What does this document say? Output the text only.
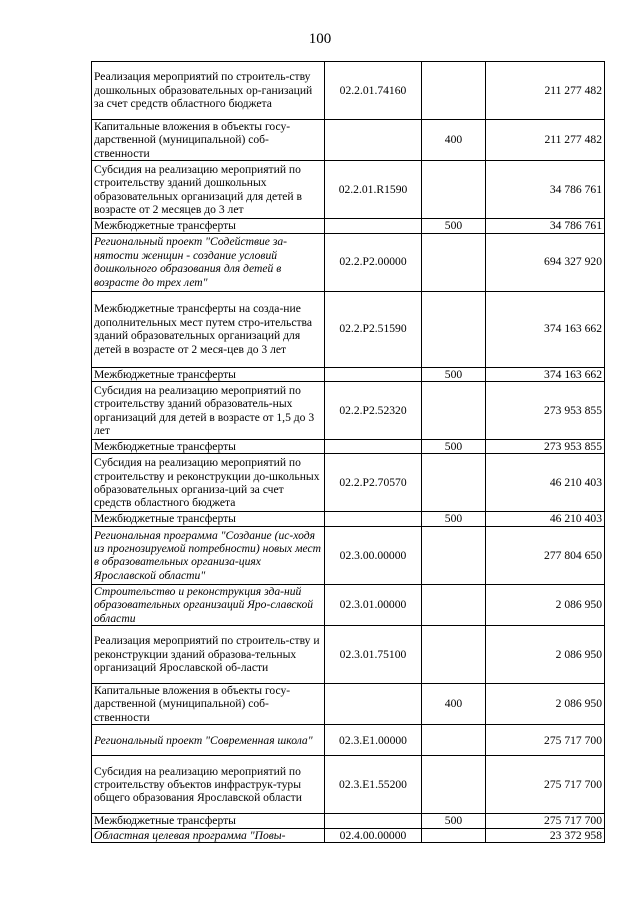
100
Реализация мероприятий по строитель-ству дошкольных образовательных ор-ганизаций за счет средств областного бюджета	02.2.01.74160		211 277 482
Капитальные вложения в объекты госу-дарственной (муниципальной) соб-ственности		400	211 277 482
Субсидия на реализацию мероприятий по строительству зданий дошкольных образовательных организаций для детей в возрасте от 2 месяцев до 3 лет	02.2.01.R1590		34 786 761
Межбюджетные трансферты		500	34 786 761
Региональный проект "Содействие за-нятости женщин - создание условий дошкольного образования для детей в возрасте до трех лет"	02.2.P2.00000		694 327 920
Межбюджетные трансферты на созда-ние дополнительных мест путем стро-ительства зданий образовательных организаций для детей в возрасте от 2 меся-цев до 3 лет	02.2.P2.51590		374 163 662
Межбюджетные трансферты		500	374 163 662
Субсидия на реализацию мероприятий по строительству зданий образователь-ных организаций для детей в возрасте от 1,5 до 3 лет	02.2.P2.52320		273 953 855
Межбюджетные трансферты		500	273 953 855
Субсидия на реализацию мероприятий по строительству и реконструкции до-школьных образовательных организа-ций за счет средств областного бюджета	02.2.P2.70570		46 210 403
Межбюджетные трансферты		500	46 210 403
Региональная программа "Создание (ис-ходя из прогнозируемой потребности) новых мест в образовательных организа-циях Ярославской области"	02.3.00.00000		277 804 650
Строительство и реконструкция зда-ний образовательных организаций Яро-славской области	02.3.01.00000		2 086 950
Реализация мероприятий по строитель-ству и реконструкции зданий образова-тельных организаций Ярославской об-ласти	02.3.01.75100		2 086 950
Капитальные вложения в объекты госу-дарственной (муниципальной) соб-ственности		400	2 086 950
Региональный проект "Современная школа"	02.3.E1.00000		275 717 700
Субсидия на реализацию мероприятий по строительству объектов инфраструк-туры общего образования Ярославской области	02.3.E1.55200		275 717 700
Межбюджетные трансферты		500	275 717 700
Областная целевая программа "Повы-	02.4.00.00000		23 372 958
